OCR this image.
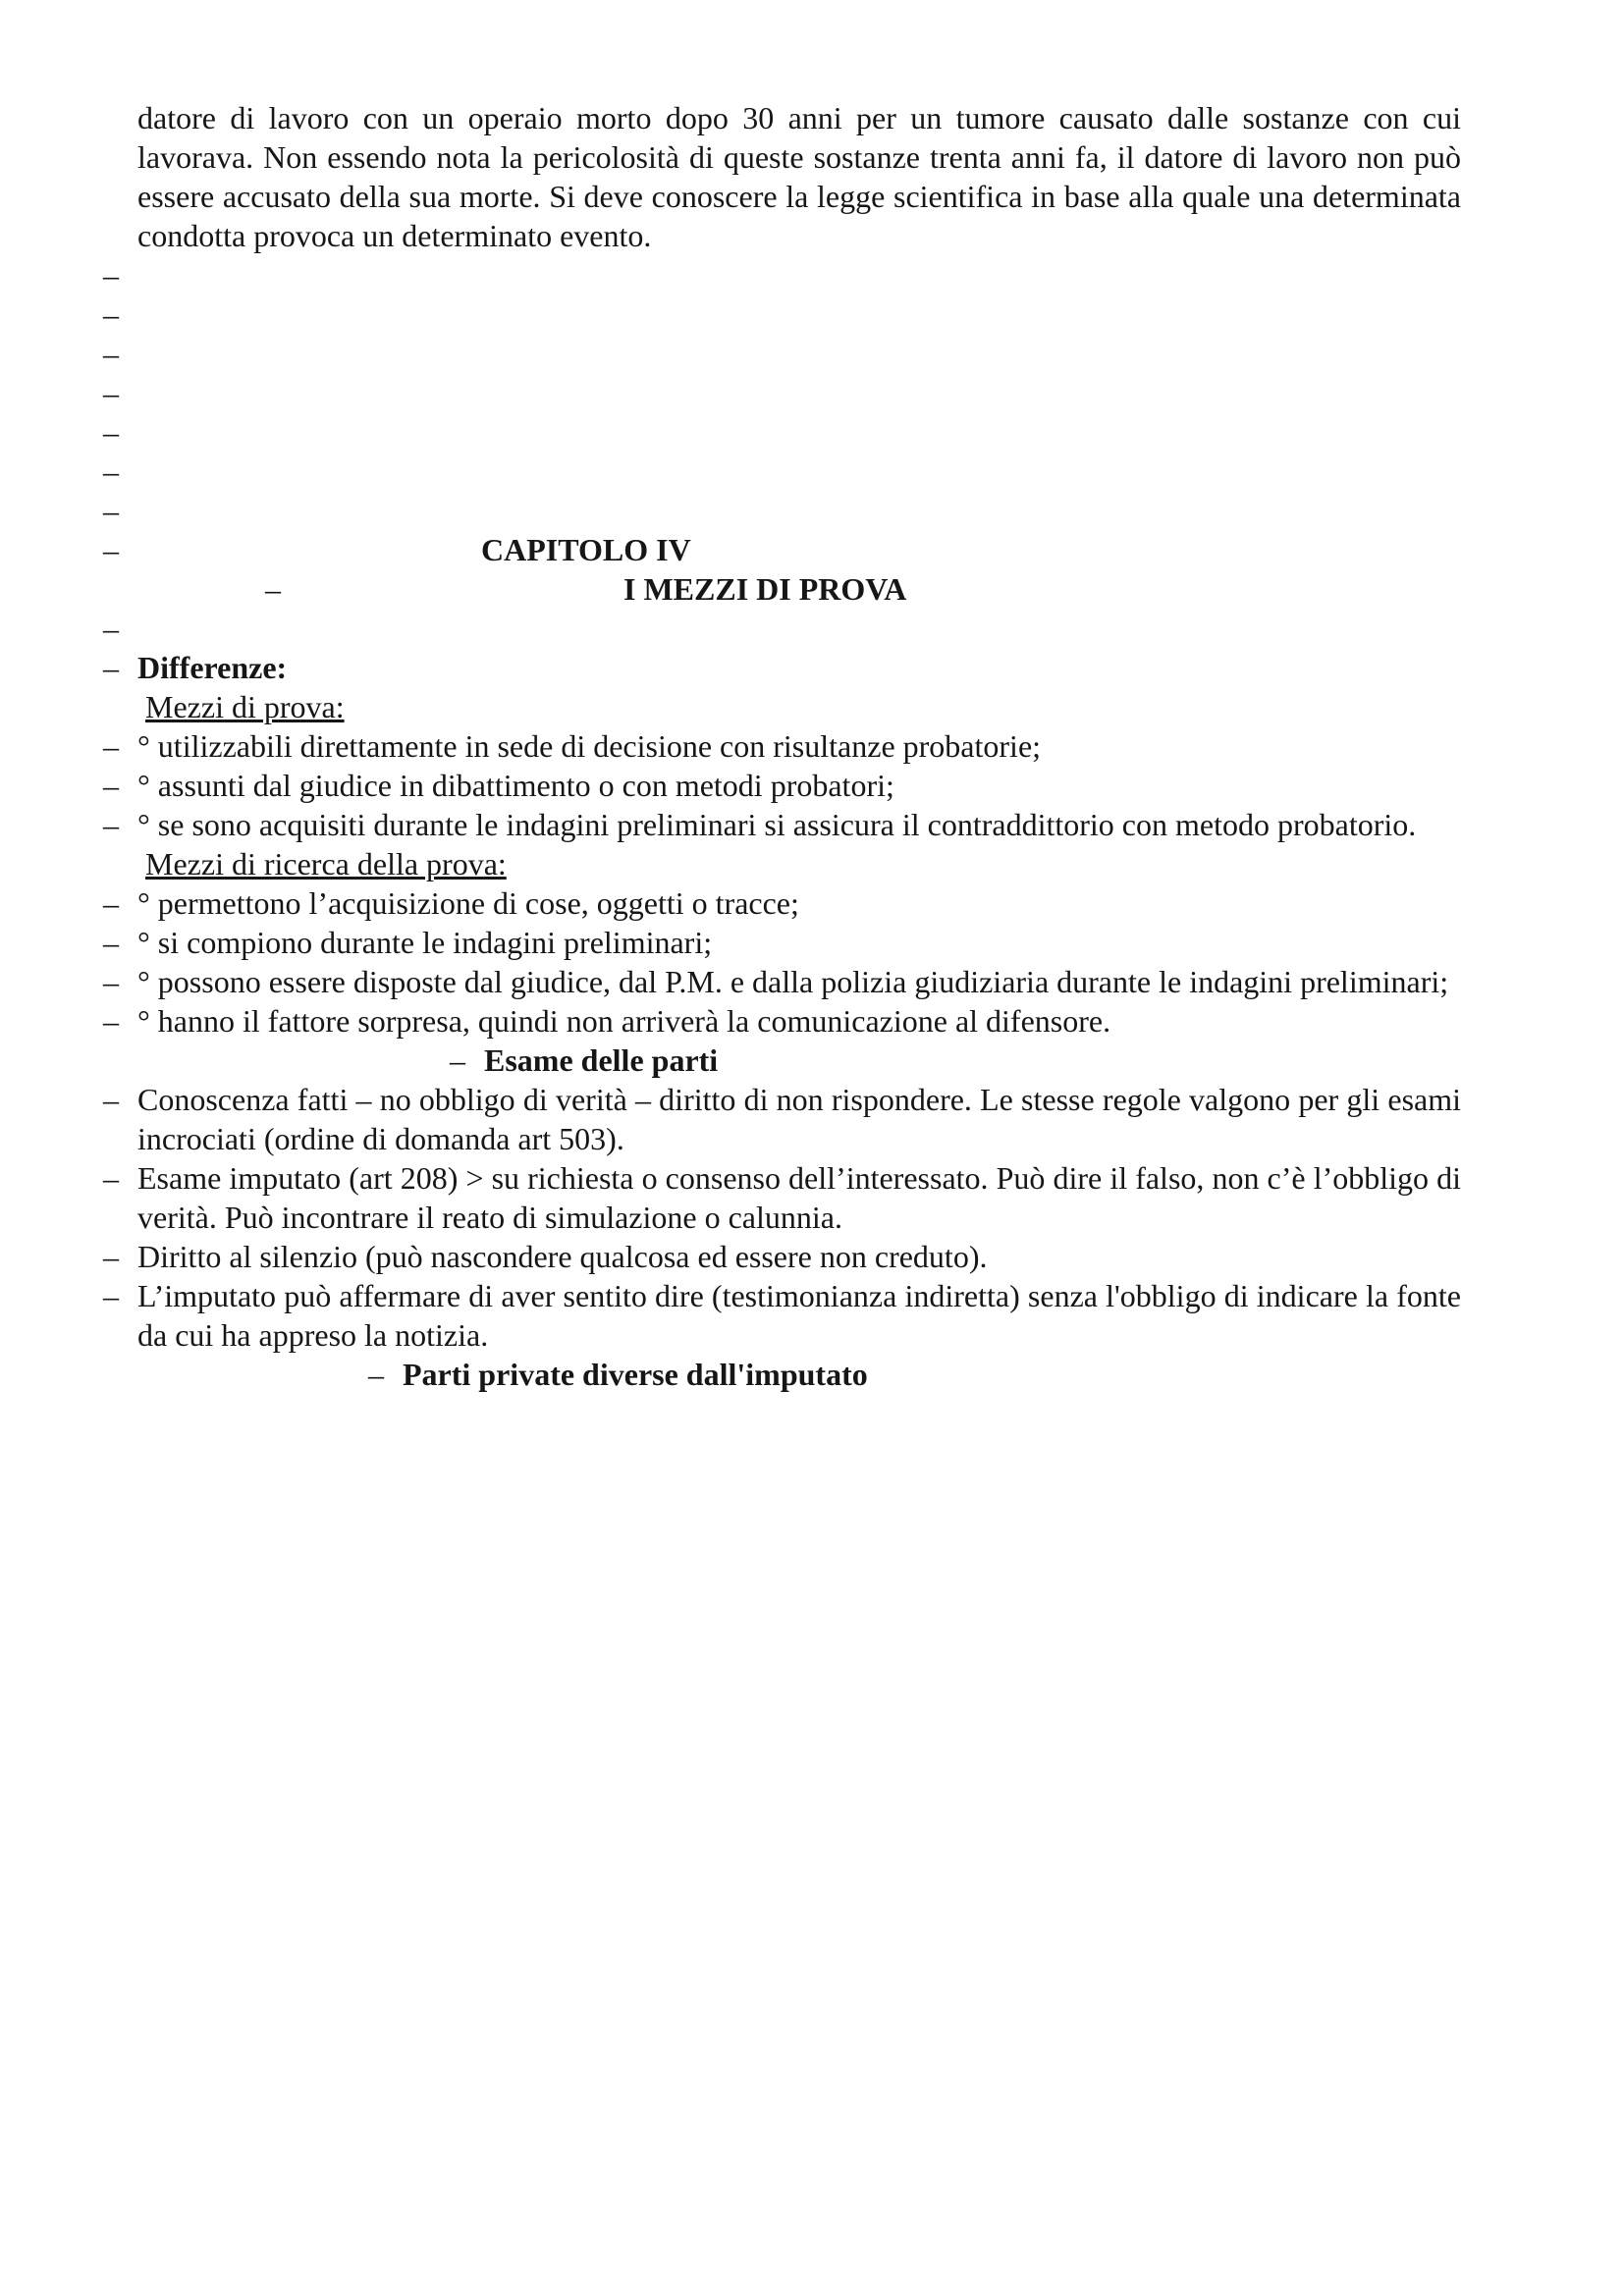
datore di lavoro con un operaio morto dopo 30 anni per un tumore causato dalle sostanze con cui lavorava. Non essendo nota la pericolosità di queste sostanze trenta anni fa, il datore di lavoro non può essere accusato della sua morte. Si deve conoscere la legge scientifica in base alla quale una determinata condotta provoca un determinato evento.

–
–
–
–
–
–
–
–	CAPITOLO IV
–	I MEZZI DI PROVA
–
– Differenze:
Mezzi di prova:
– ° utilizzabili direttamente in sede di decisione con risultanze probatorie;
– ° assunti dal giudice in dibattimento o con metodi probatori;
– ° se sono acquisiti durante le indagini preliminari si assicura il contraddittorio con metodo probatorio.
Mezzi di ricerca della prova:
– ° permettono l’acquisizione di cose, oggetti o tracce;
– ° si compiono durante le indagini preliminari;
– ° possono essere disposte dal giudice, dal P.M. e dalla polizia giudiziaria durante le indagini preliminari;
– ° hanno il fattore sorpresa, quindi non arriverà la comunicazione al difensore.
– Esame delle parti
– Conoscenza fatti – no obbligo di verità – diritto di non rispondere. Le stesse regole valgono per gli esami incrociati (ordine di domanda art 503).
– Esame imputato (art 208) > su richiesta o consenso dell’interessato. Può dire il falso, non c’è l’obbligo di verità. Può incontrare il reato di simulazione o calunnia.
– Diritto al silenzio (può nascondere qualcosa ed essere non creduto).
– L’imputato può affermare di aver sentito dire (testimonianza indiretta) senza l'obbligo di indicare la fonte da cui ha appreso la notizia.
– Parti private diverse dall'imputato
